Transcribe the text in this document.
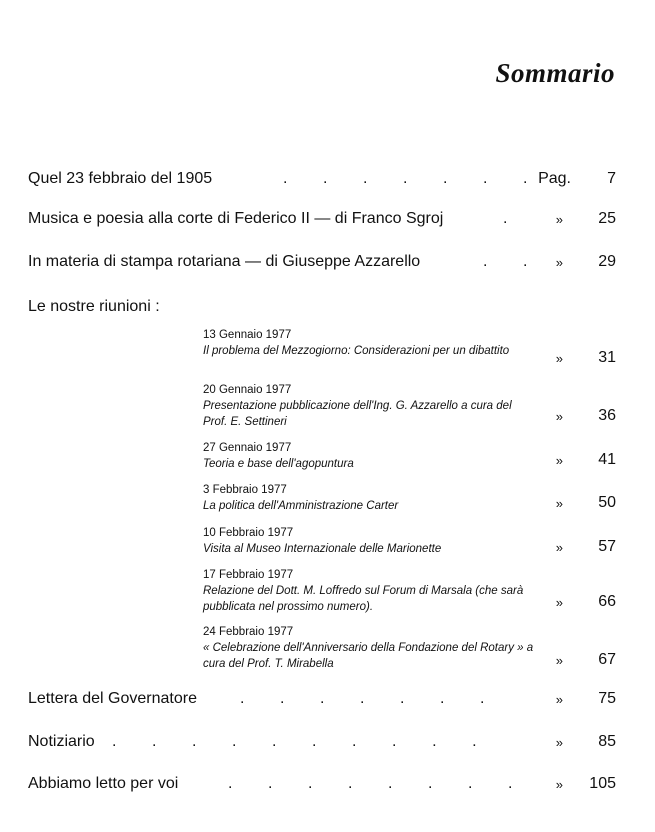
Sommario
Quel 23 febbraio del 1905	.        .        .        .        .        .        . Pag. 7
Musica e poesia alla corte di Federico II — di Franco Sgroj	.	» 25
In materia di stampa rotariana — di Giuseppe Azzarello	.        . » 29
Le nostre riunioni :
13 Gennaio 1977
Il problema del Mezzogiorno: Considerazioni per un dibattito	» 31
20 Gennaio 1977
Presentazione pubblicazione dell'Ing. G. Azzarello a cura del Prof. E. Settineri	» 36
27 Gennaio 1977
Teoria e base dell'agopuntura	» 41
3 Febbraio 1977
La politica dell'Amministrazione Carter	» 50
10 Febbraio 1977
Visita al Museo Internazionale delle Marionette	» 57
17 Febbraio 1977
Relazione del Dott. M. Loffredo sul Forum di Marsala (che sarà pubblicata nel prossimo numero).	» 66
24 Febbraio 1977
« Celebrazione dell'Anniversario della Fondazione del Rotary » a cura del Prof. T. Mirabella	» 67
Lettera del Governatore	.        .        .        .        .        .        .	» 75
Notiziario .        .        .        .        .        .        .        .        .        .	» 85
Abbiamo letto per voi	.        .        .        .        .        .        .        .	» 105
